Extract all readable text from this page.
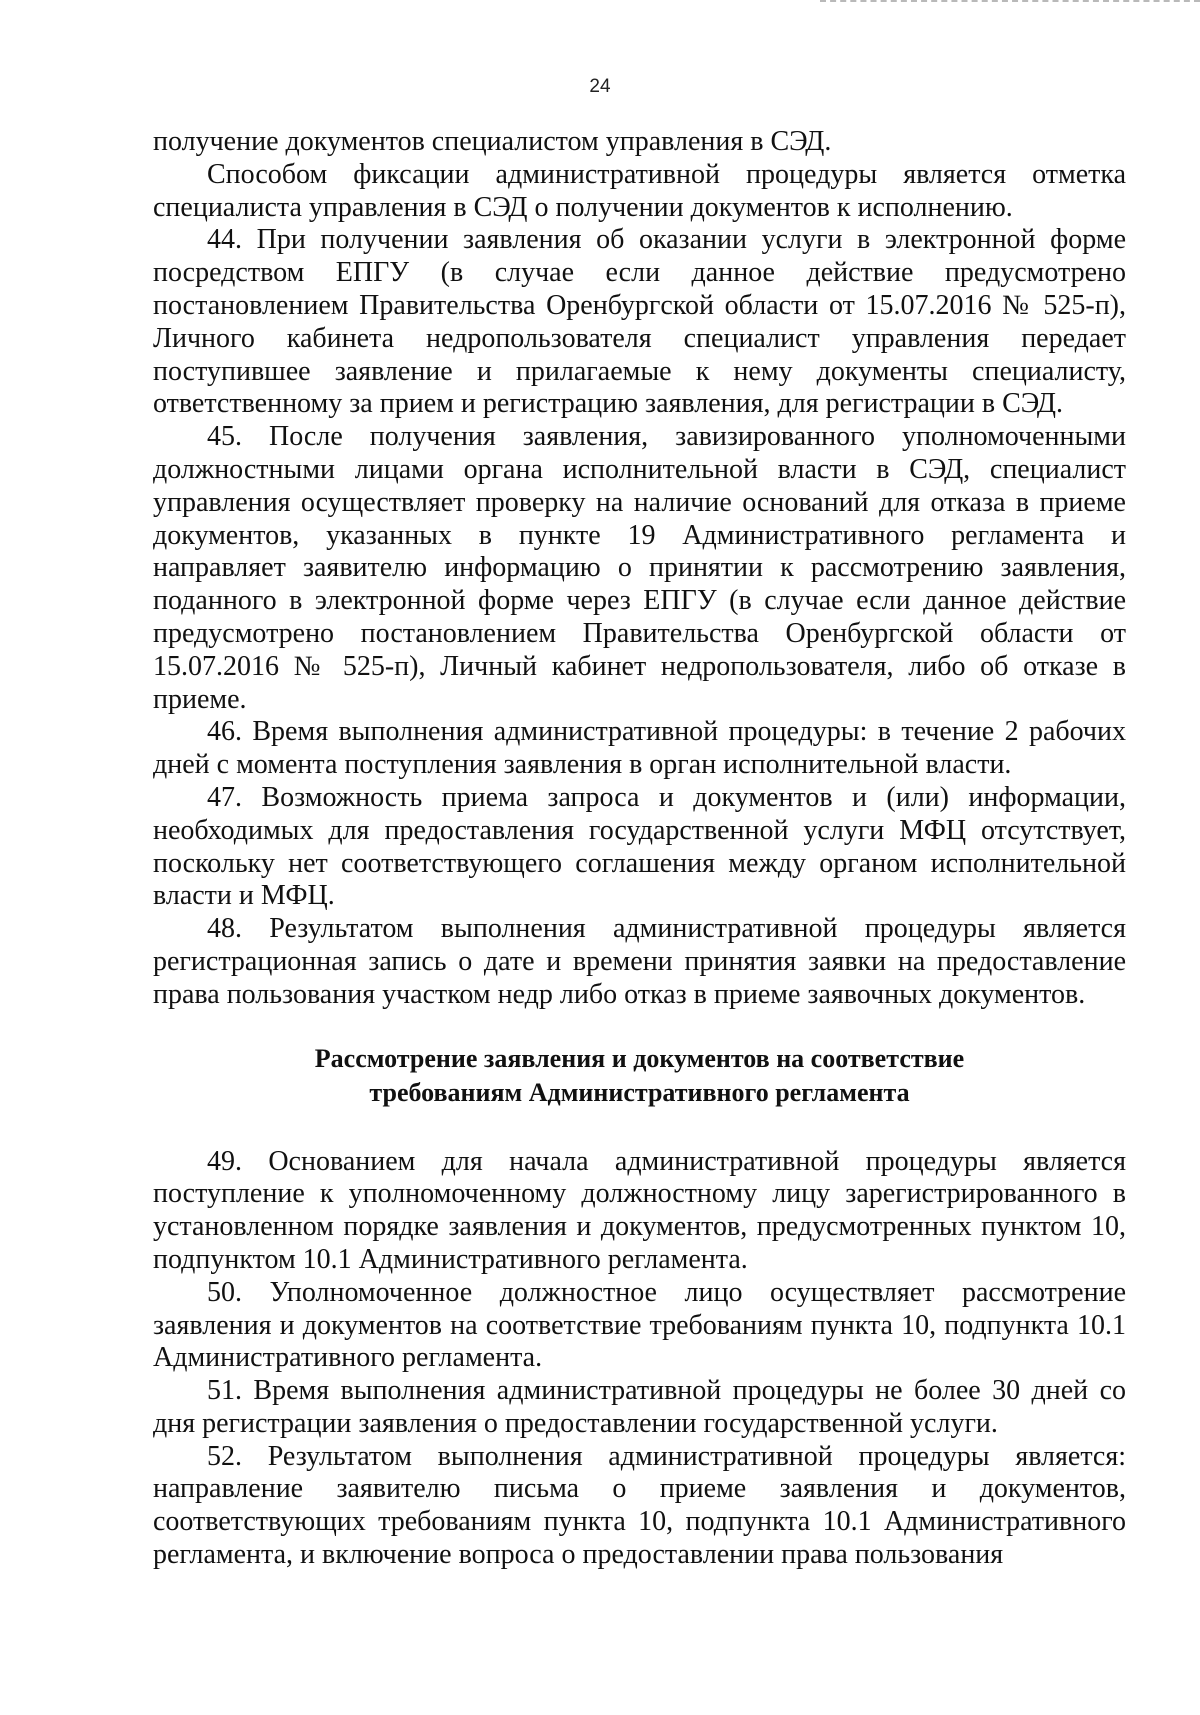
24

получение документов специалистом управления в СЭД.

Способом фиксации административной процедуры является отметка специалиста управления в СЭД о получении документов к исполнению.

44. При получении заявления об оказании услуги в электронной форме посредством ЕПГУ (в случае если данное действие предусмотрено постановлением Правительства Оренбургской области от 15.07.2016 № 525-п), Личного кабинета недропользователя специалист управления передает поступившее заявление и прилагаемые к нему документы специалисту, ответственному за прием и регистрацию заявления, для регистрации в СЭД.

45. После получения заявления, завизированного уполномоченными должностными лицами органа исполнительной власти в СЭД, специалист управления осуществляет проверку на наличие оснований для отказа в приеме документов, указанных в пункте 19 Административного регламента и направляет заявителю информацию о принятии к рассмотрению заявления, поданного в электронной форме через ЕПГУ (в случае если данное действие предусмотрено постановлением Правительства Оренбургской области от 15.07.2016 № 525-п), Личный кабинет недропользователя, либо об отказе в приеме.

46. Время выполнения административной процедуры: в течение 2 рабочих дней с момента поступления заявления в орган исполнительной власти.

47. Возможность приема запроса и документов и (или) информации, необходимых для предоставления государственной услуги МФЦ отсутствует, поскольку нет соответствующего соглашения между органом исполнительной власти и МФЦ.

48. Результатом выполнения административной процедуры является регистрационная запись о дате и времени принятия заявки на предоставление права пользования участком недр либо отказ в приеме заявочных документов.

Рассмотрение заявления и документов на соответствие
требованиям Административного регламента

49. Основанием для начала административной процедуры является поступление к уполномоченному должностному лицу зарегистрированного в установленном порядке заявления и документов, предусмотренных пунктом 10, подпунктом 10.1 Административного регламента.

50. Уполномоченное должностное лицо осуществляет рассмотрение заявления и документов на соответствие требованиям пункта 10, подпункта 10.1 Административного регламента.

51. Время выполнения административной процедуры не более 30 дней со дня регистрации заявления о предоставлении государственной услуги.

52. Результатом выполнения административной процедуры является: направление заявителю письма о приеме заявления и документов, соответствующих требованиям пункта 10, подпункта 10.1 Административного регламента, и включение вопроса о предоставлении права пользования
